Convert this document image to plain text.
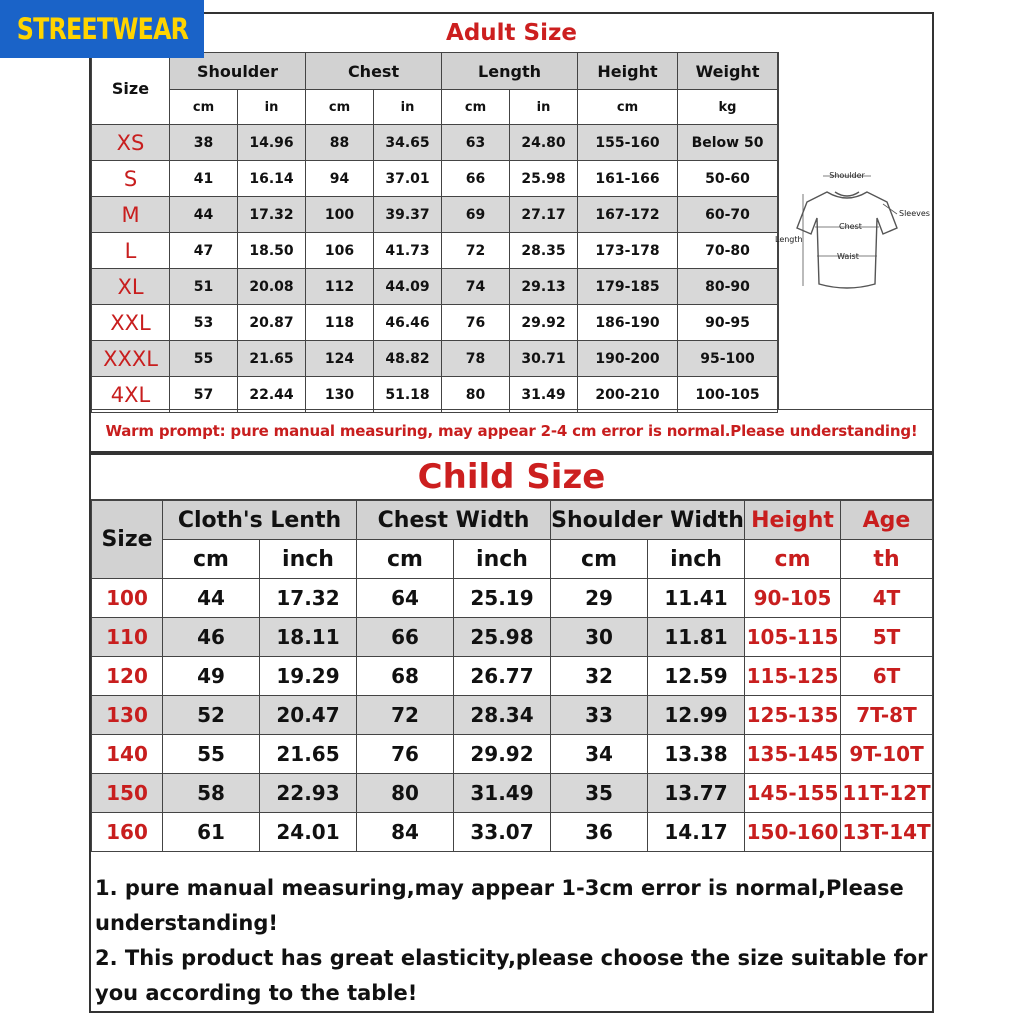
STREETWEAR	Adult Size
Size	Shoulder		Chest		Length		Height	Weight
	cm	in	cm	in	cm	in	cm	kg
XS	38	14.96	88	34.65	63	24.80	155-160	Below 50
S	41	16.14	94	37.01	66	25.98	161-166	50-60
M	44	17.32	100	39.37	69	27.17	167-172	60-70
L	47	18.50	106	41.73	72	28.35	173-178	70-80
XL	51	20.08	112	44.09	74	29.13	179-185	80-90
XXL	53	20.87	118	46.46	76	29.92	186-190	90-95
XXXL	55	21.65	124	48.82	78	30.71	190-200	95-100
4XL	57	22.44	130	51.18	80	31.49	200-210	100-105
Shoulder
Sleeves
Chest
Length
Waist
Warm prompt: pure manual measuring, may appear 2-4 cm error is normal.Please understanding!
Child Size
Size	Cloth's Lenth		Chest Width		Shoulder Width		Height	Age
	cm	inch	cm	inch	cm	inch	cm	th
100	44	17.32	64	25.19	29	11.41	90-105	4T
110	46	18.11	66	25.98	30	11.81	105-115	5T
120	49	19.29	68	26.77	32	12.59	115-125	6T
130	52	20.47	72	28.34	33	12.99	125-135	7T-8T
140	55	21.65	76	29.92	34	13.38	135-145	9T-10T
150	58	22.93	80	31.49	35	13.77	145-155	11T-12T
160	61	24.01	84	33.07	36	14.17	150-160	13T-14T

1. pure manual measuring,may appear 1-3cm error is normal,Please understanding!

2. This product has great elasticity,please choose the size suitable for you according to the table!
